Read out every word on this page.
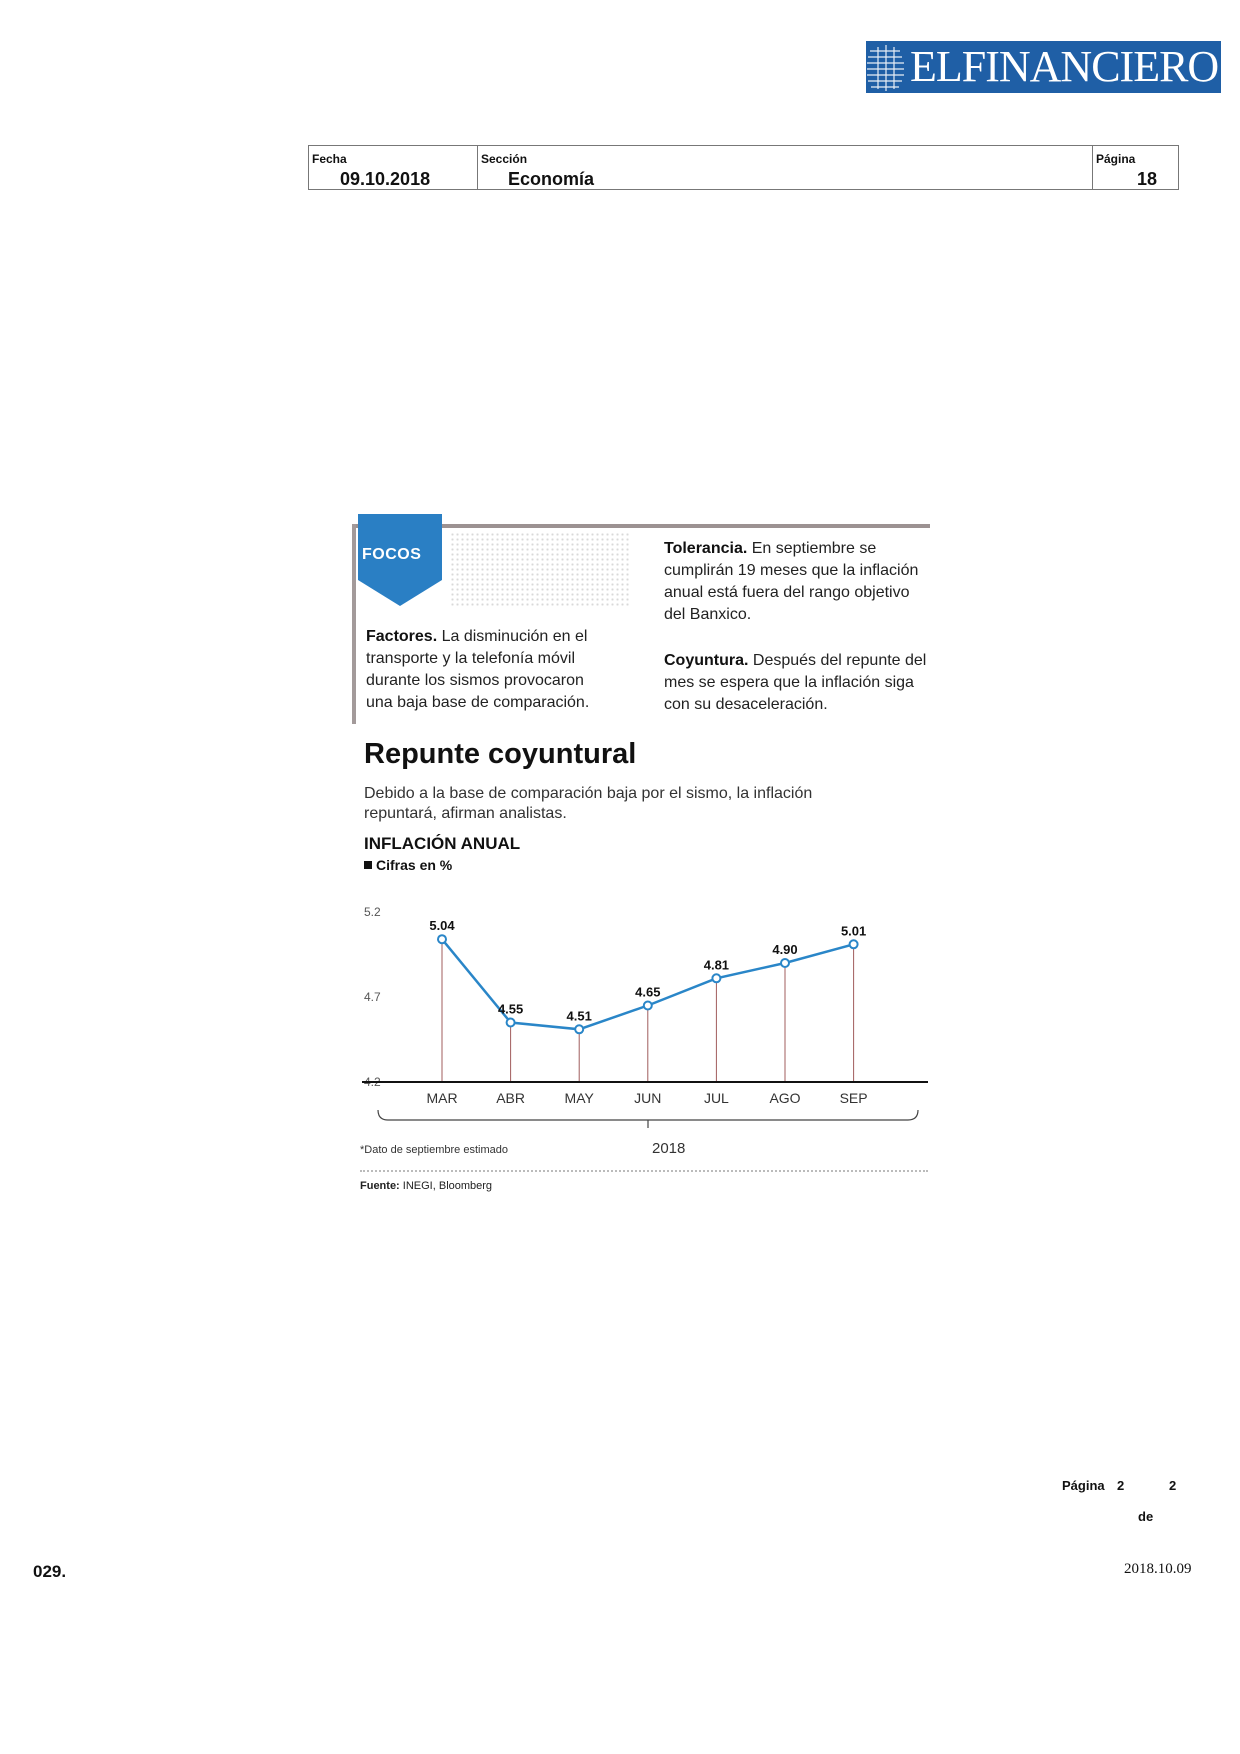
ELFINANCIERO
Fecha
09.10.2018
Sección
Economía
Página
18
FOCOS
Factores. La disminución en el transporte y la telefonía móvil durante los sismos provocaron una baja base de comparación.
Tolerancia. En septiembre se cumplirán 19 meses que la inflación anual está fuera del rango objetivo del Banxico.
Coyuntura. Después del repunte del mes se espera que la inflación siga con su desaceleración.
Repunte coyuntural
Debido a la base de comparación baja por el sismo, la inflación repuntará, afirman analistas.
INFLACIÓN ANUAL
Cifras en %
5.2
4.7
4.2
5.04
4.55	4.51
4.65
4.81
4.90
5.01
MAR	ABR	MAY	JUN	JUL	AGO	SEP
*Dato de septiembre estimado	2018
Fuente: INEGI, Bloomberg
Página 2	2
de
029.	2018.10.09
